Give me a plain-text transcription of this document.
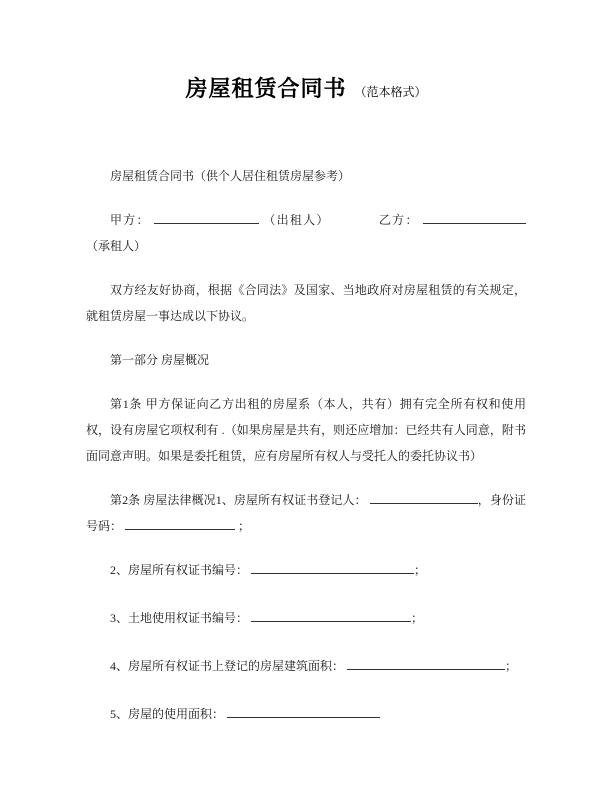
房屋租赁合同书 （范本格式）

房屋租赁合同书（供个人居住租赁房屋参考）

甲方：	（出租人）	乙方： （承租人）

双方经友好协商，根据《合同法》及国家、当地政府对房屋租赁的有关规定，就租赁房屋一事达成以下协议。

第一部分 房屋概况

第1条 甲方保证向乙方出租的房屋系（本人，共有）拥有完全所有权和使用权，设有房屋它项权利有 .（如果房屋是共有，则还应增加：已经共有人同意，附书面同意声明。如果是委托租赁，应有房屋所有权人与受托人的委托协议书）

第2条 房屋法律概况1、房屋所有权证书登记人：	，身份证号码：	；

2、房屋所有权证书编号：	；

3、土地使用权证书编号：	；

4、房屋所有权证书上登记的房屋建筑面积：	；

5、房屋的使用面积：
